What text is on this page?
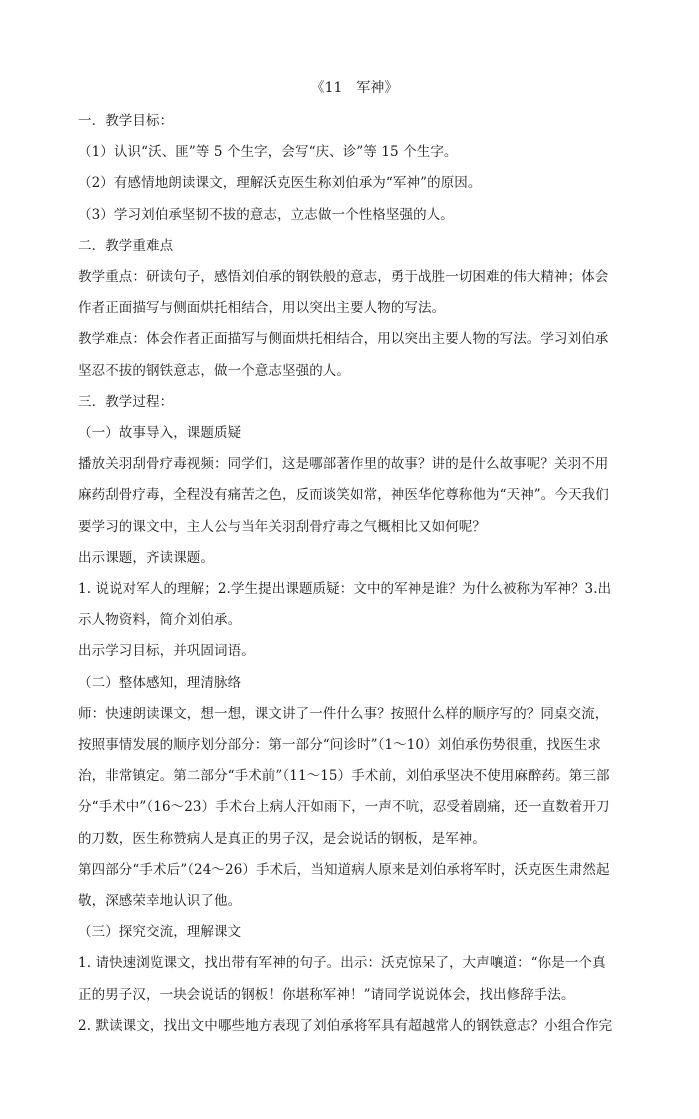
《11　军神》

一．教学目标：

（1）认识“沃、匪”等 5 个生字，会写“庆、诊”等 15 个生字。

（2）有感情地朗读课文，理解沃克医生称刘伯承为“军神”的原因。

（3）学习刘伯承坚韧不拔的意志，立志做一个性格坚强的人。

二．教学重难点

教学重点：研读句子，感悟刘伯承的钢铁般的意志，勇于战胜一切困难的伟大精神；体会

作者正面描写与侧面烘托相结合，用以突出主要人物的写法。

教学难点：体会作者正面描写与侧面烘托相结合，用以突出主要人物的写法。学习刘伯承

坚忍不拔的钢铁意志，做一个意志坚强的人。

三．教学过程：

（一）故事导入，课题质疑

播放关羽刮骨疗毒视频：同学们，这是哪部著作里的故事？讲的是什么故事呢？关羽不用

麻药刮骨疗毒，全程没有痛苦之色，反而谈笑如常，神医华佗尊称他为“天神”。今天我们

要学习的课文中，主人公与当年关羽刮骨疗毒之气概相比又如何呢？

出示课题，齐读课题。

1. 说说对军人的理解；2.学生提出课题质疑：文中的军神是谁？为什么被称为军神？3.出

示人物资料，简介刘伯承。

出示学习目标，并巩固词语。

（二）整体感知，理清脉络

师：快速朗读课文，想一想，课文讲了一件什么事？按照什么样的顺序写的？同桌交流，

按照事情发展的顺序划分部分：第一部分“问诊时”（1～10）刘伯承伤势很重，找医生求

治，非常镇定。第二部分“手术前”（11～15）手术前，刘伯承坚决不使用麻醉药。第三部

分“手术中”（16～23）手术台上病人汗如雨下，一声不吭，忍受着剧痛，还一直数着开刀

的刀数，医生称赞病人是真正的男子汉，是会说话的钢板，是军神。

第四部分“手术后”（24～26）手术后，当知道病人原来是刘伯承将军时，沃克医生肃然起

敬，深感荣幸地认识了他。

（三）探究交流，理解课文

1. 请快速浏览课文，找出带有军神的句子。出示：沃克惊呆了，大声嚷道：“你是一个真

正的男子汉，一块会说话的钢板！你堪称军神！”请同学说说体会，找出修辞手法。

2. 默读课文，找出文中哪些地方表现了刘伯承将军具有超越常人的钢铁意志？小组合作完
